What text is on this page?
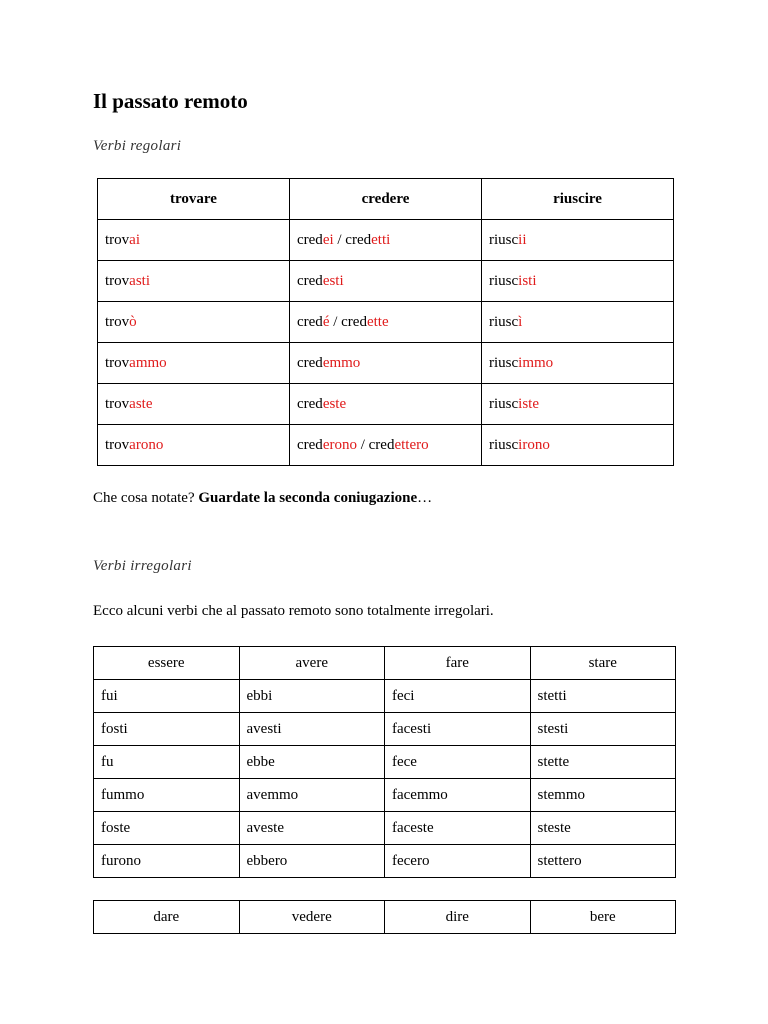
Il passato remoto

Verbi regolari

trovare	credere	riuscire
trovai	credei / credetti	riuscii
trovasti	credesti	riuscisti
trovò	credé / credette	riuscì
trovammo	credemmo	riuscimmo
trovaste	credeste	riusciste
trovarono	crederono / credettero	riuscirono

Che cosa notate? Guardate la seconda coniugazione…

Verbi irregolari

Ecco alcuni verbi che al passato remoto sono totalmente irregolari.

essere	avere	fare	stare
fui	ebbi	feci	stetti
fosti	avesti	facesti	stesti
fu	ebbe	fece	stette
fummo	avemmo	facemmo	stemmo
foste	aveste	faceste	steste
furono	ebbero	fecero	stettero
dare	vedere	dire	bere
